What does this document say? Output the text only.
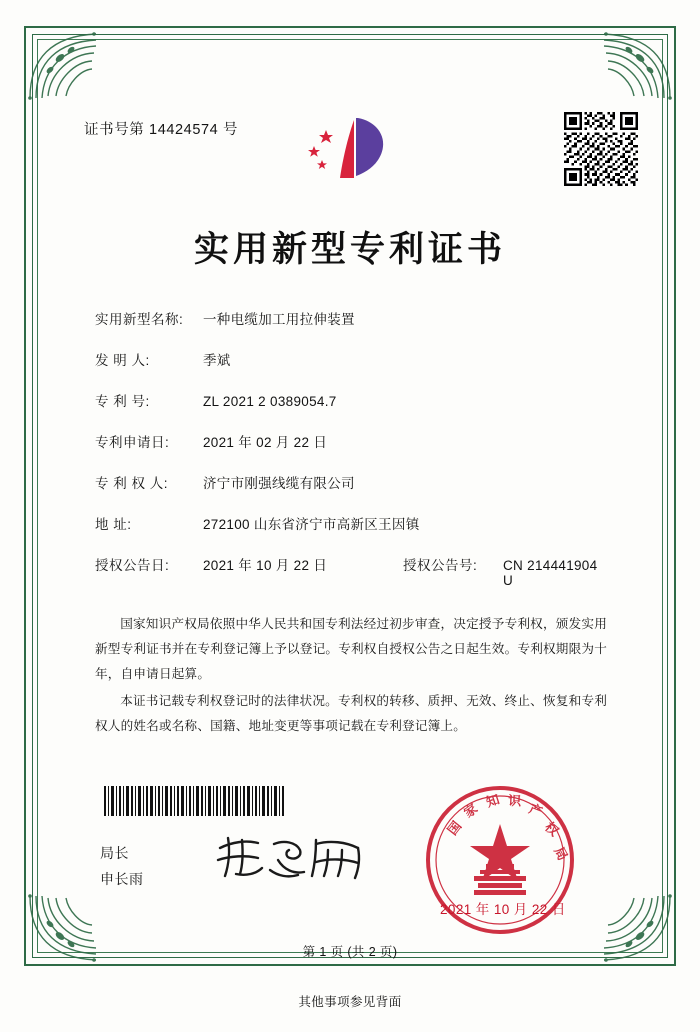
证书号第 14424574 号
实用新型专利证书
实用新型名称:	一种电缆加工用拉伸装置
发 明 人:	季斌
专 利 号:	ZL 2021 2 0389054.7
专利申请日:	2021 年 02 月 22 日
专 利 权 人:	济宁市刚强线缆有限公司
地 址:	272100 山东省济宁市高新区王因镇
授权公告日:	2021 年 10 月 22 日	授权公告号:	CN 214441904 U

国家知识产权局依照中华人民共和国专利法经过初步审查，决定授予专利权，颁发实用新型专利证书并在专利登记簿上予以登记。专利权自授权公告之日起生效。专利权期限为十年，自申请日起算。

本证书记载专利权登记时的法律状况。专利权的转移、质押、无效、终止、恢复和专利权人的姓名或名称、国籍、地址变更等事项记载在专利登记簿上。

局长
申长雨
国
家 知 识
产
权
局
2021 年 10 月 22 日
第 1 页 (共 2 页)
其他事项参见背面
